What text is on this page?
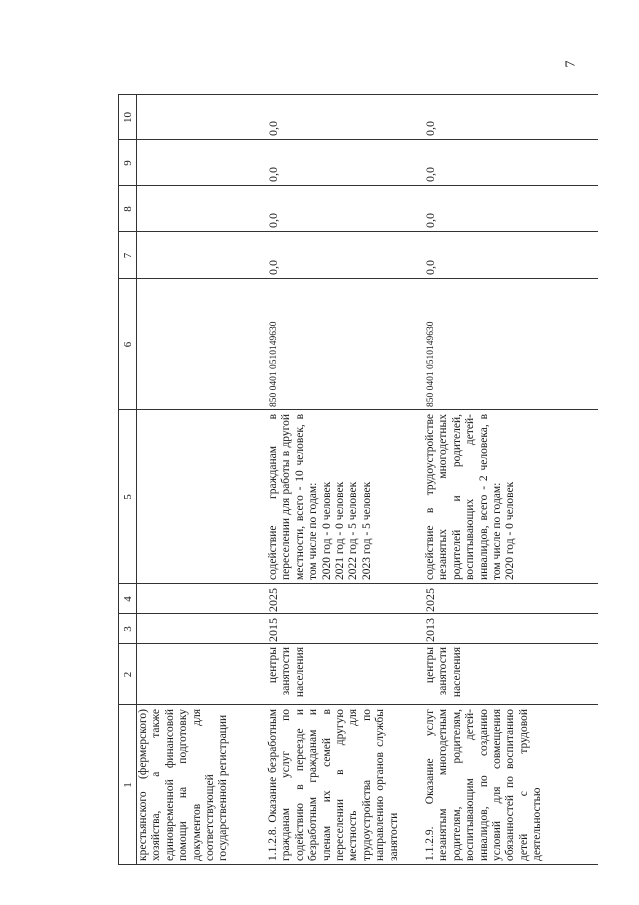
7
1
2
3
4
5
6
7
8
9
10
крестьянского (фермерского) хозяйства, а также единовременной финансовой помощи на подготовку документов для соответствующей государственной регистрации	1.1.2.8. Оказание безработным гражданам услуг по содействию в переезде и безработным гражданам и членам их семей в переселении в другую местность для трудоустройства по направлению органов службы занятости
центры занятости населения
2015
2025
содействие гражданам в переселении для работы в другой местности, всего - 10 человек, в том числе по годам: 2020 год - 0 человек 2021 год - 0 человек 2022 год - 5 человек 2023 год - 5 человек
850 0401 0510149630
0,0
0,0
0,0
0,0
1.1.2.9. Оказание услуг незанятым многодетным родителям, родителям, воспитывающим детей-инвалидов, по созданию условий для совмещения обязанностей по воспитанию детей с трудовой деятельностью
центры занятости населения
2013
2025
содействие в трудоустройстве незанятых многодетных родителей и родителей, воспитывающих детей-инвалидов, всего - 2 человека, в том числе по годам: 2020 год - 0 человек
850 0401 0510149630
0,0
0,0
0,0
0,0
